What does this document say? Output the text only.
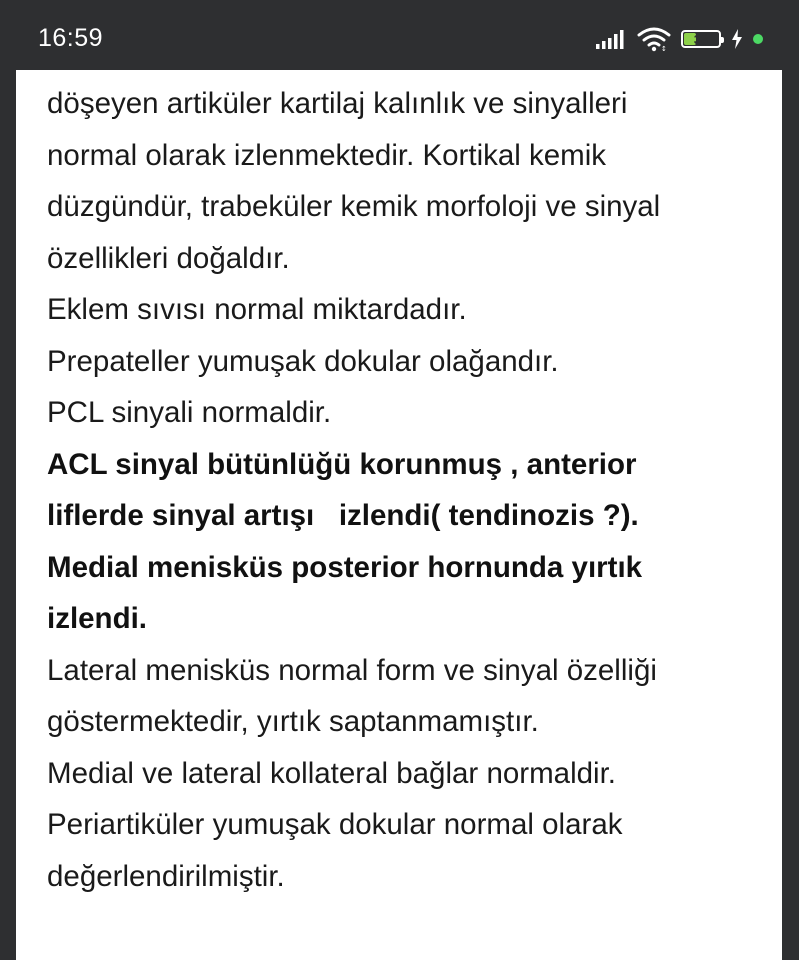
16:59	↕
38
döşeyen artiküler kartilaj kalınlık ve sinyalleri
normal olarak izlenmektedir. Kortikal kemik
düzgündür, trabeküler kemik morfoloji ve sinyal
özellikleri doğaldır.
Eklem sıvısı normal miktardadır.
Prepateller yumuşak dokular olağandır.
PCL sinyali normaldir.
ACL sinyal bütünlüğü korunmuş , anterior
liflerde sinyal artışı   izlendi( tendinozis ?).
Medial menisküs posterior hornunda yırtık
izlendi.
Lateral menisküs normal form ve sinyal özelliği
göstermektedir, yırtık saptanmamıştır.
Medial ve lateral kollateral bağlar normaldir.
Periartiküler yumuşak dokular normal olarak
değerlendirilmiştir.
